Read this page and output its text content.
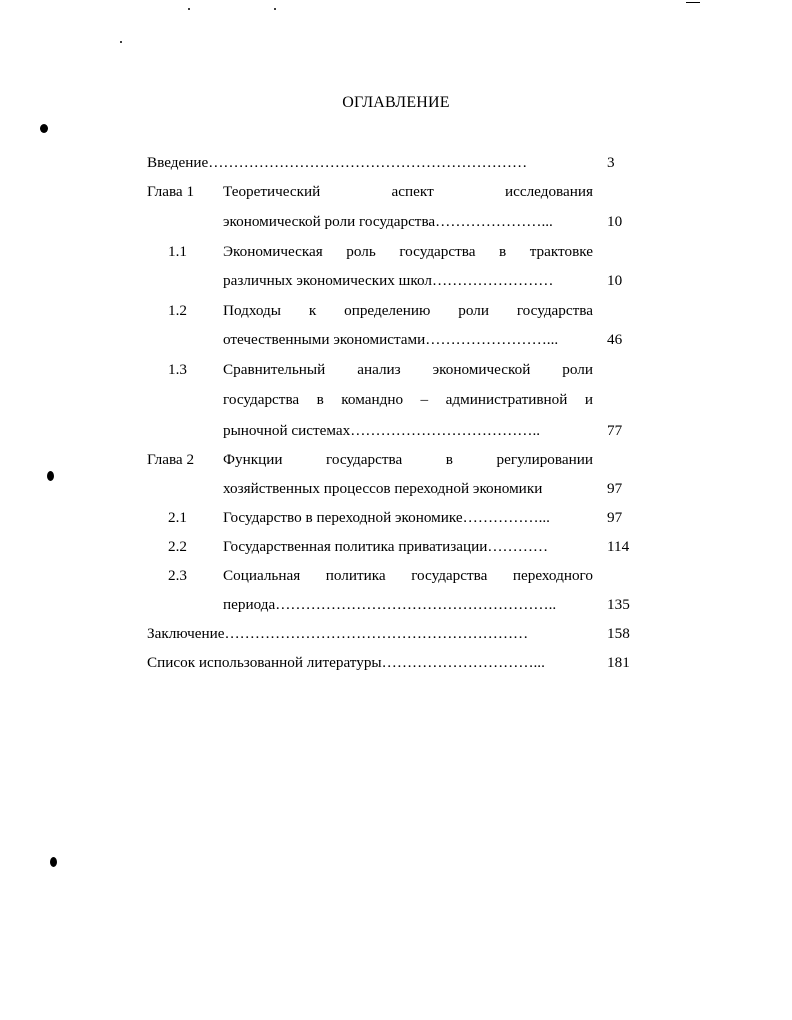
ОГЛАВЛЕНИЕ
Введение………………………………………………………	3
Глава 1 Теоретический аспект исследования
экономической роли государства…………………...	10
1.1 Экономическая роль государства в трактовке
различных экономических школ……………………	10
1.2 Подходы к определению роли государства
отечественными экономистами……………………...	46
1.3 Сравнительный анализ экономической роли
государства в командно – административной и
рыночной системах………………………………..	77
Глава 2 Функции государства в регулировании
хозяйственных процессов переходной экономики	97
2.1 Государство в переходной экономике……………...	97
2.2 Государственная политика приватизации…………	114
2.3 Социальная политика государства переходного
периода………………………………………………..	135
Заключение……………………………………………………	158
Список использованной литературы…………………………...	181
